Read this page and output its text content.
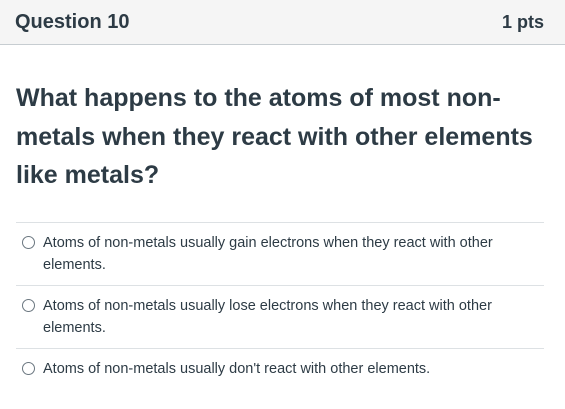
Question 10	1 pts
What happens to the atoms of most non-metals when they react with other elements like metals?
Atoms of non-metals usually gain electrons when they react with other elements.
Atoms of non-metals usually lose electrons when they react with other elements.
Atoms of non-metals usually don't react with other elements.
